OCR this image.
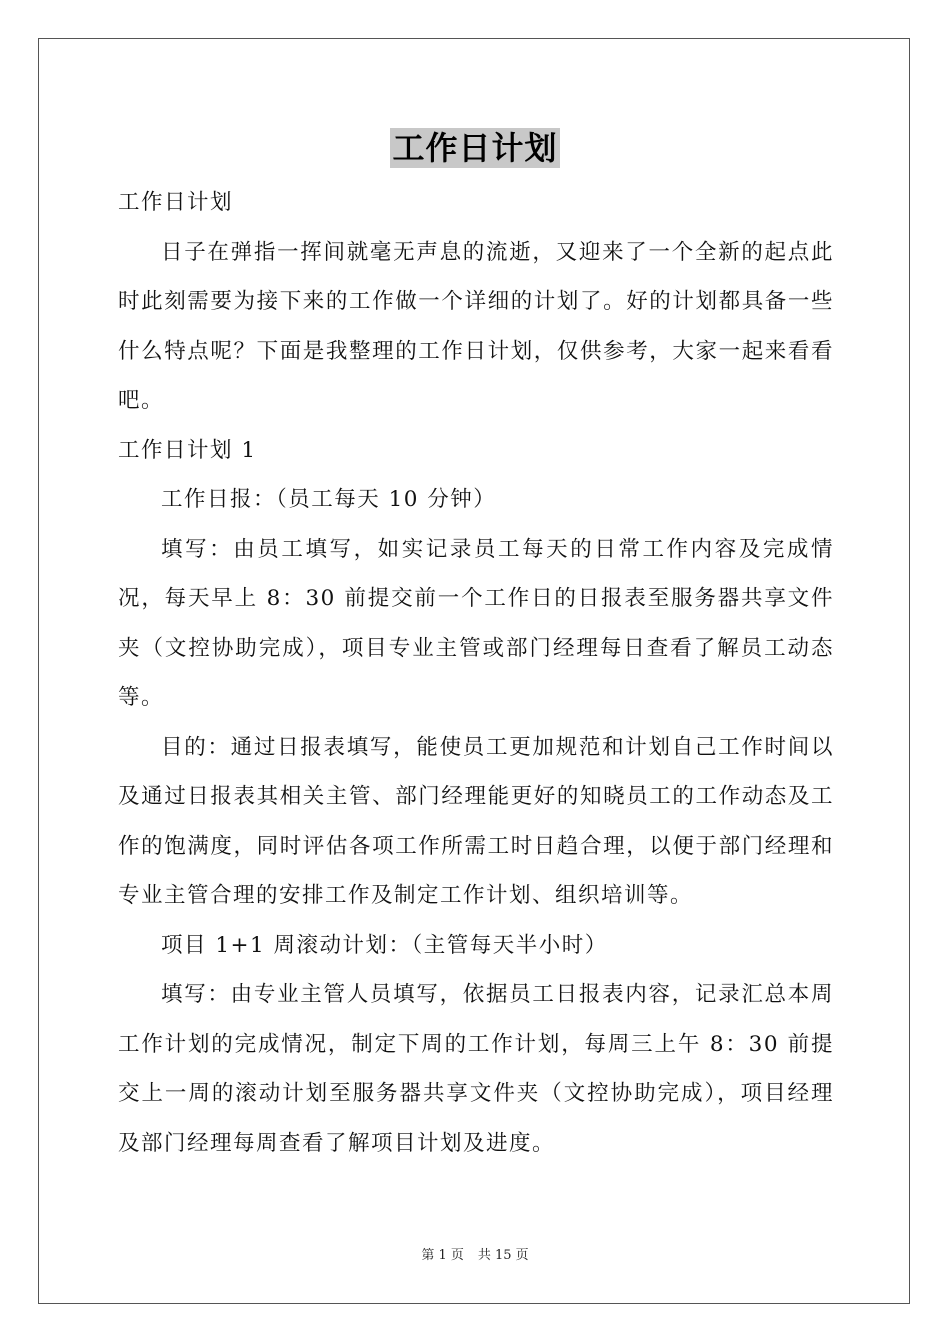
工作日计划

工作日计划

日子在弹指一挥间就毫无声息的流逝，又迎来了一个全新的起点此时此刻需要为接下来的工作做一个详细的计划了。好的计划都具备一些什么特点呢？下面是我整理的工作日计划，仅供参考，大家一起来看看吧。

工作日计划 1

工作日报：（员工每天 10 分钟）

填写：由员工填写，如实记录员工每天的日常工作内容及完成情况，每天早上 8：30 前提交前一个工作日的日报表至服务器共享文件夹（文控协助完成），项目专业主管或部门经理每日查看了解员工动态等。

目的：通过日报表填写，能使员工更加规范和计划自己工作时间以及通过日报表其相关主管、部门经理能更好的知晓员工的工作动态及工作的饱满度，同时评估各项工作所需工时日趋合理，以便于部门经理和专业主管合理的安排工作及制定工作计划、组织培训等。

项目 1+1 周滚动计划：（主管每天半小时）

填写：由专业主管人员填写，依据员工日报表内容，记录汇总本周工作计划的完成情况，制定下周的工作计划，每周三上午 8：30 前提交上一周的滚动计划至服务器共享文件夹（文控协助完成），项目经理及部门经理每周查看了解项目计划及进度。

第 1 页 共 15 页
